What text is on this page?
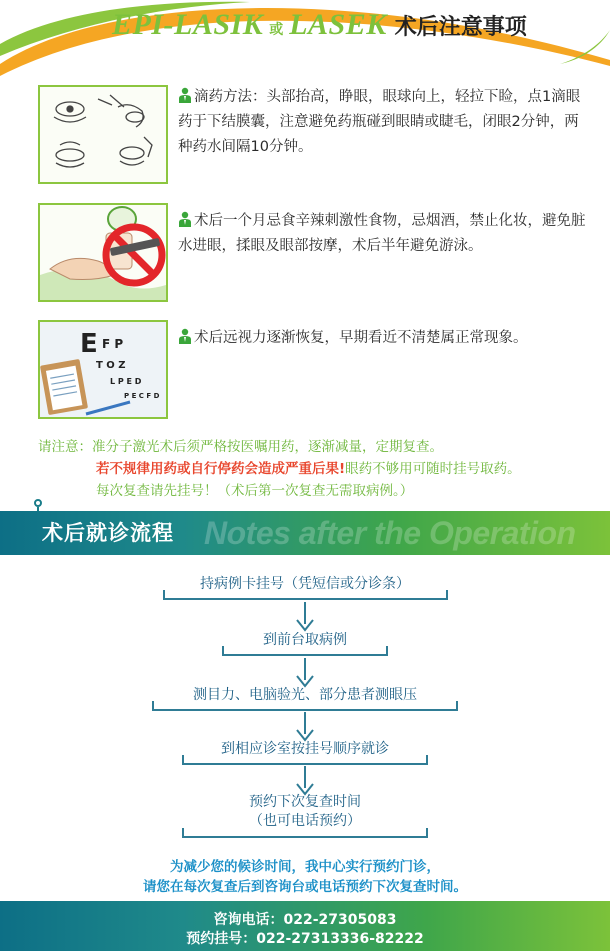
EPI-LASIK 或 LASEK 术后注意事项
滴药方法：头部抬高，睁眼，眼球向上，轻拉下睑，点1滴眼药于下结膜囊，注意避免药瓶碰到眼睛或睫毛，闭眼2分钟，两种药水间隔10分钟。
术后一个月忌食辛辣刺激性食物，忌烟酒，禁止化妆，避免脏水进眼，揉眼及眼部按摩，术后半年避免游泳。
E F P
T O Z
L P E D
P E C F D
术后远视力逐渐恢复，早期看近不清楚属正常现象。
请注意：准分子激光术后须严格按医嘱用药，逐渐减量，定期复查。
若不规律用药或自行停药会造成严重后果!眼药不够用可随时挂号取药。
每次复查请先挂号！（术后第一次复查无需取病例。）
Notes after the Operation
术后就诊流程
持病例卡挂号（凭短信或分诊条）
到前台取病例
测目力、电脑验光、部分患者测眼压
到相应诊室按挂号顺序就诊
预约下次复查时间
（也可电话预约）
为减少您的候诊时间，我中心实行预约门诊，
请您在每次复查后到咨询台或电话预约下次复查时间。
咨询电话：022-27305083
预约挂号：022-27313336-82222
